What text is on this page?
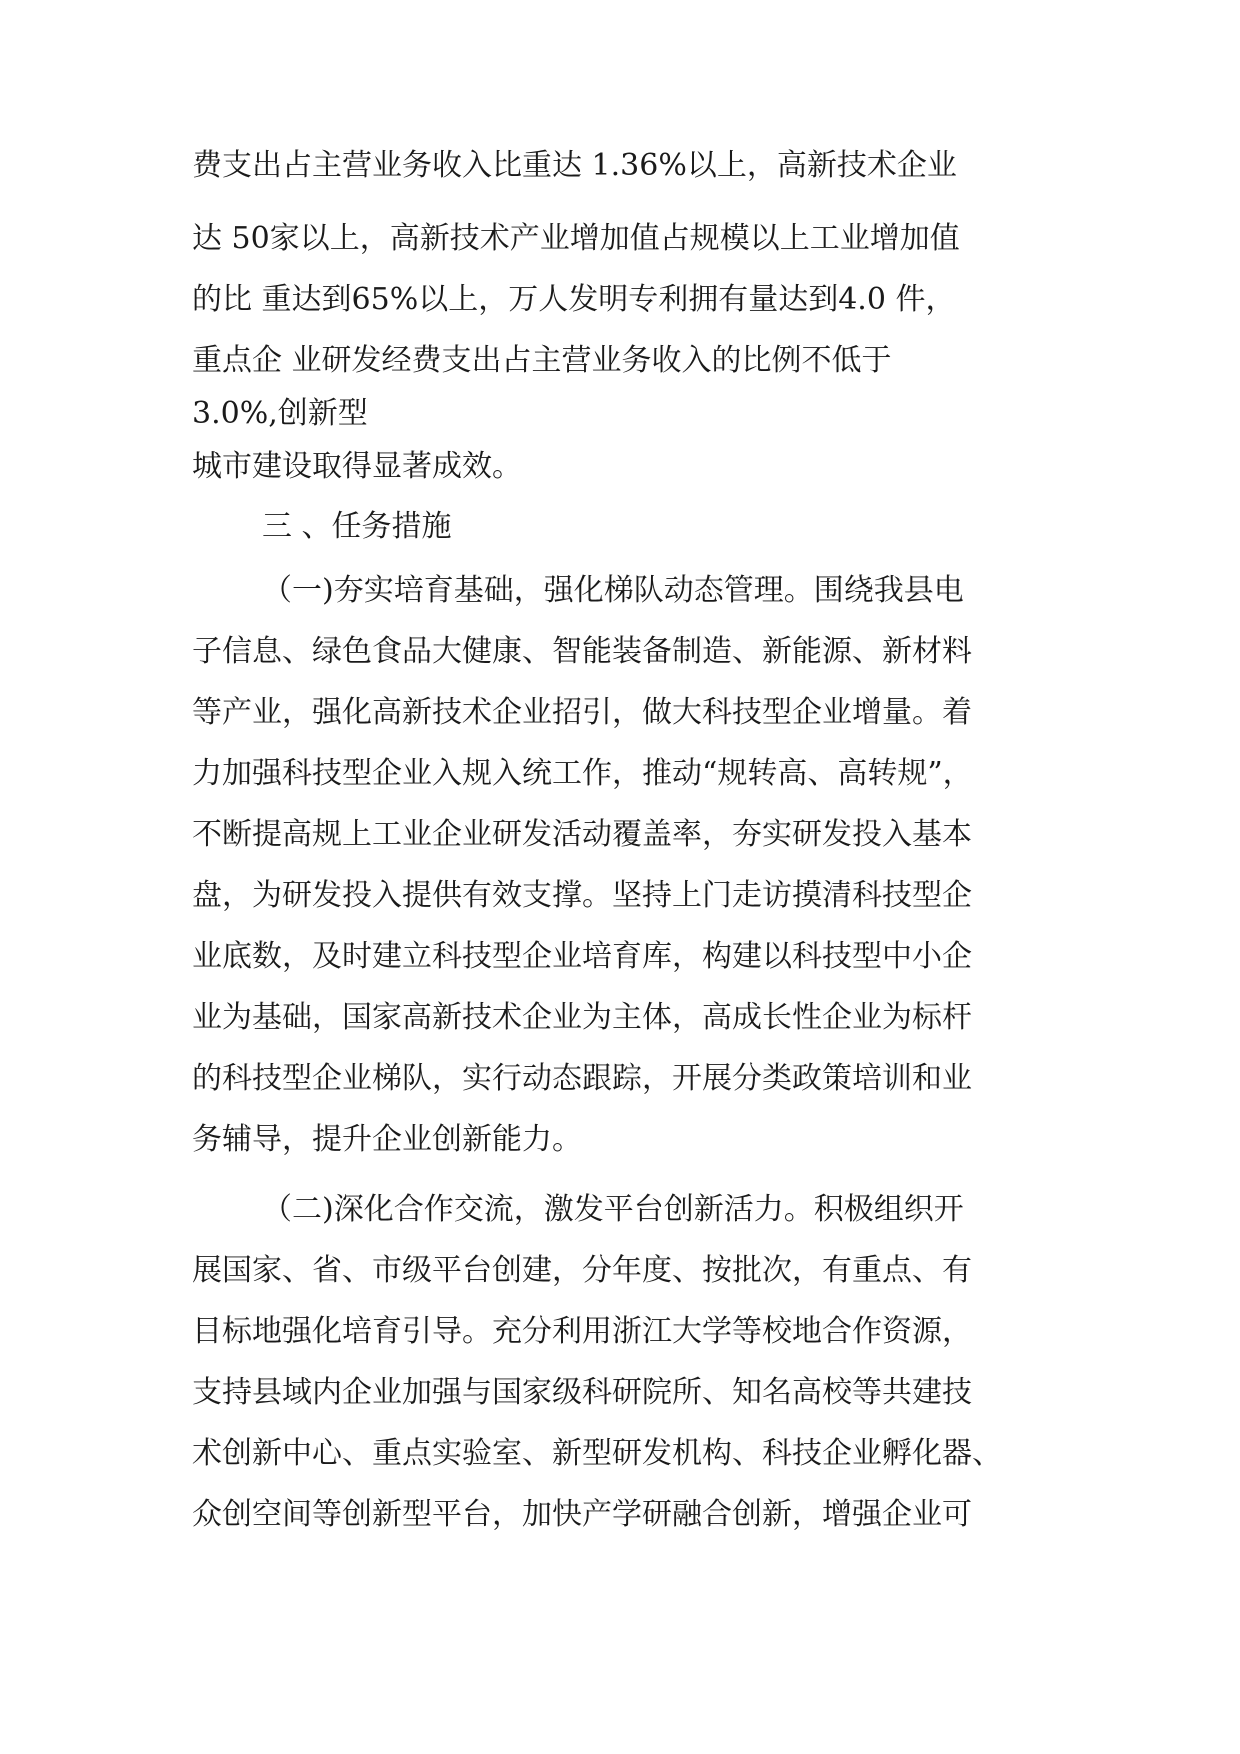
费支出占主营业务收入比重达 1.36%以上，高新技术企业
达 50家以上，高新技术产业增加值占规模以上工业增加值
的比 重达到65%以上，万人发明专利拥有量达到4.0 件，
重点企 业研发经费支出占主营业务收入的比例不低于
3.0%,创新型
城市建设取得显著成效。
三 、任务措施
（一)夯实培育基础，强化梯队动态管理。围绕我县电
子信息、绿色食品大健康、智能装备制造、新能源、新材料
等产业，强化高新技术企业招引，做大科技型企业增量。着
力加强科技型企业入规入统工作，推动“规转高、高转规”，
不断提高规上工业企业研发活动覆盖率，夯实研发投入基本
盘，为研发投入提供有效支撑。坚持上门走访摸清科技型企
业底数，及时建立科技型企业培育库，构建以科技型中小企
业为基础，国家高新技术企业为主体，高成长性企业为标杆
的科技型企业梯队，实行动态跟踪，开展分类政策培训和业
务辅导，提升企业创新能力。
（二)深化合作交流，激发平台创新活力。积极组织开
展国家、省、市级平台创建，分年度、按批次，有重点、有
目标地强化培育引导。充分利用浙江大学等校地合作资源，
支持县域内企业加强与国家级科研院所、知名高校等共建技
术创新中心、重点实验室、新型研发机构、科技企业孵化器、
众创空间等创新型平台，加快产学研融合创新，增强企业可
